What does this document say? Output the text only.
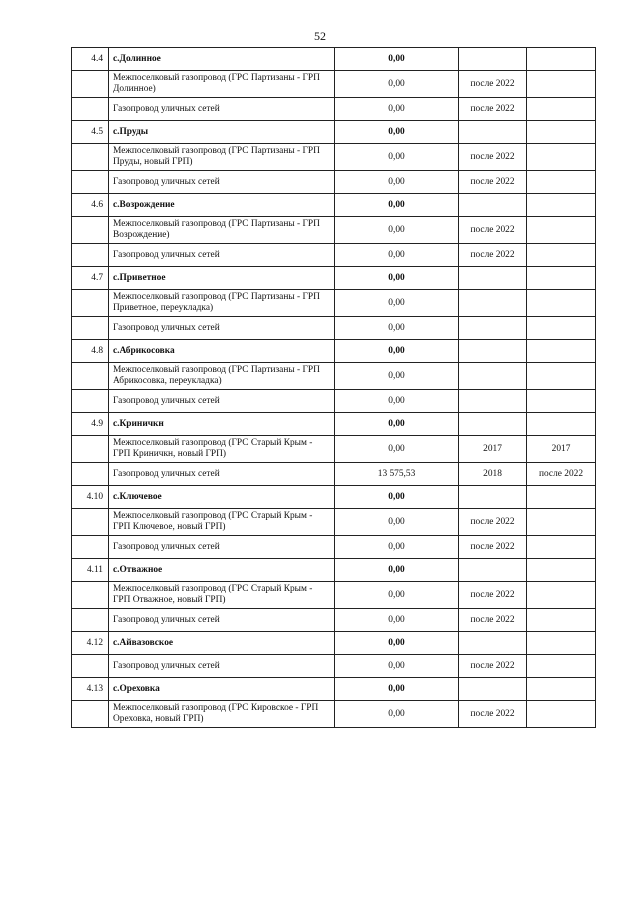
52
4.4	с.Долинное	0,00		
	Межпоселковый газопровод (ГРС Партизаны - ГРП Долинное)	0,00	после 2022	
	Газопровод уличных сетей	0,00	после 2022	
4.5	с.Пруды	0,00		
	Межпоселковый газопровод (ГРС Партизаны - ГРП Пруды, новый ГРП)	0,00	после 2022	
	Газопровод уличных сетей	0,00	после 2022	
4.6	с.Возрождение	0,00		
	Межпоселковый газопровод (ГРС Партизаны - ГРП Возрождение)	0,00	после 2022	
	Газопровод уличных сетей	0,00	после 2022	
4.7	с.Приветное	0,00		
	Межпоселковый газопровод (ГРС Партизаны - ГРП Приветное, переукладка)	0,00		
	Газопровод уличных сетей	0,00		
4.8	с.Абрикосовка	0,00		
	Межпоселковый газопровод (ГРС Партизаны - ГРП Абрикосовка, переукладка)	0,00		
	Газопровод уличных сетей	0,00		
4.9	с.Криничкн	0,00		
	Межпоселковый газопровод (ГРС Старый Крым - ГРП Криничкн, новый ГРП)	0,00	2017	2017
	Газопровод уличных сетей	13 575,53	2018	после 2022
4.10	с.Ключевое	0,00		
	Межпоселковый газопровод (ГРС Старый Крым - ГРП Ключевое, новый ГРП)	0,00	после 2022	
	Газопровод уличных сетей	0,00	после 2022	
4.11	с.Отважное	0,00		
	Межпоселковый газопровод (ГРС Старый Крым - ГРП Отважное, новый ГРП)	0,00	после 2022	
	Газопровод уличных сетей	0,00	после 2022	
4.12	с.Айвазовское	0,00		
	Газопровод уличных сетей	0,00	после 2022	
4.13	с.Ореховка	0,00		
	Межпоселковый газопровод (ГРС Кировское - ГРП Ореховка, новый ГРП)	0,00	после 2022	
